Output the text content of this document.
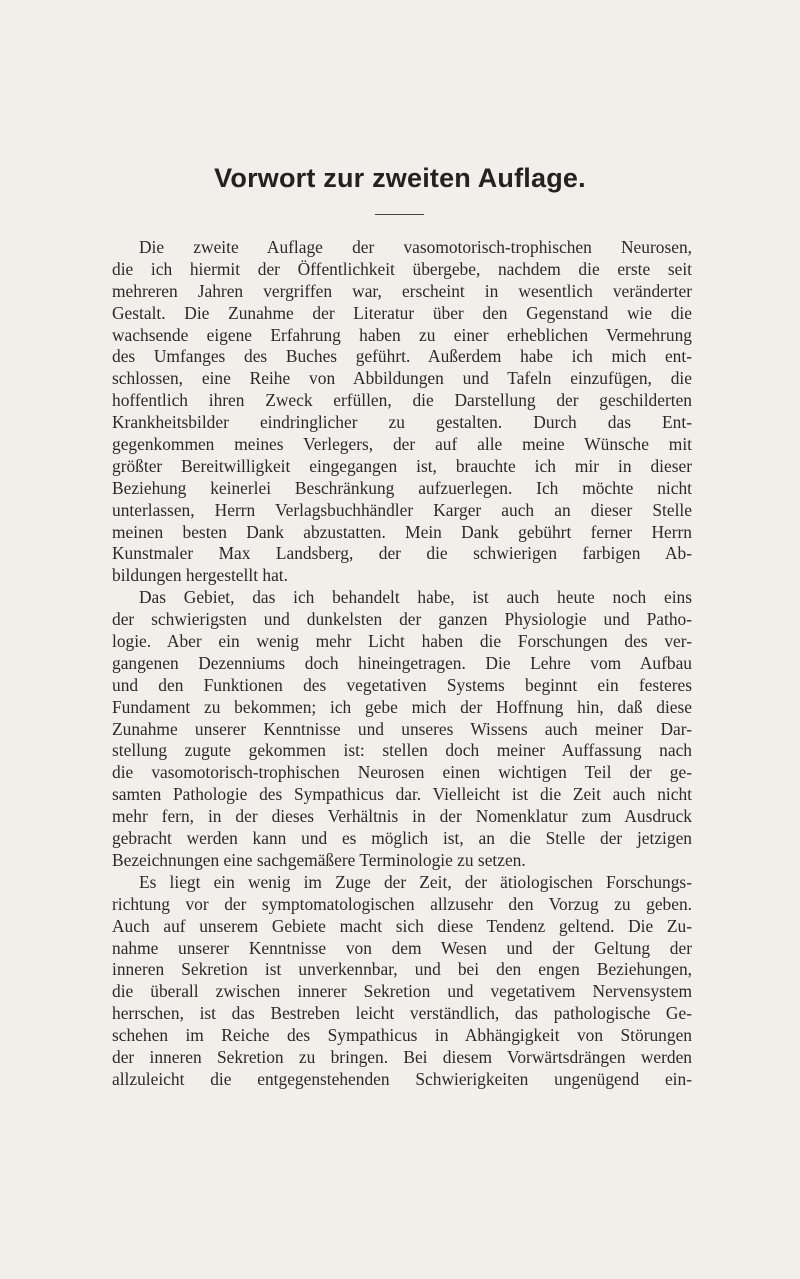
Vorwort zur zweiten Auflage.
Die zweite Auflage der vasomotorisch-trophischen Neurosen,
die ich hiermit der Öffentlichkeit übergebe, nachdem die erste seit
mehreren Jahren vergriffen war, erscheint in wesentlich veränderter
Gestalt. Die Zunahme der Literatur über den Gegenstand wie die
wachsende eigene Erfahrung haben zu einer erheblichen Vermehrung
des Umfanges des Buches geführt. Außerdem habe ich mich ent-
schlossen, eine Reihe von Abbildungen und Tafeln einzufügen, die
hoffentlich ihren Zweck erfüllen, die Darstellung der geschilderten
Krankheitsbilder eindringlicher zu gestalten. Durch das Ent-
gegenkommen meines Verlegers, der auf alle meine Wünsche mit
größter Bereitwilligkeit eingegangen ist, brauchte ich mir in dieser
Beziehung keinerlei Beschränkung aufzuerlegen. Ich möchte nicht
unterlassen, Herrn Verlagsbuchhändler Karger auch an dieser Stelle
meinen besten Dank abzustatten. Mein Dank gebührt ferner Herrn
Kunstmaler Max Landsberg, der die schwierigen farbigen Ab-
bildungen hergestellt hat.
Das Gebiet, das ich behandelt habe, ist auch heute noch eins
der schwierigsten und dunkelsten der ganzen Physiologie und Patho-
logie. Aber ein wenig mehr Licht haben die Forschungen des ver-
gangenen Dezenniums doch hineingetragen. Die Lehre vom Aufbau
und den Funktionen des vegetativen Systems beginnt ein festeres
Fundament zu bekommen; ich gebe mich der Hoffnung hin, daß diese
Zunahme unserer Kenntnisse und unseres Wissens auch meiner Dar-
stellung zugute gekommen ist: stellen doch meiner Auffassung nach
die vasomotorisch-trophischen Neurosen einen wichtigen Teil der ge-
samten Pathologie des Sympathicus dar. Vielleicht ist die Zeit auch nicht
mehr fern, in der dieses Verhältnis in der Nomenklatur zum Ausdruck
gebracht werden kann und es möglich ist, an die Stelle der jetzigen
Bezeichnungen eine sachgemäßere Terminologie zu setzen.
Es liegt ein wenig im Zuge der Zeit, der ätiologischen Forschungs-
richtung vor der symptomatologischen allzusehr den Vorzug zu geben.
Auch auf unserem Gebiete macht sich diese Tendenz geltend. Die Zu-
nahme unserer Kenntnisse von dem Wesen und der Geltung der
inneren Sekretion ist unverkennbar, und bei den engen Beziehungen,
die überall zwischen innerer Sekretion und vegetativem Nervensystem
herrschen, ist das Bestreben leicht verständlich, das pathologische Ge-
schehen im Reiche des Sympathicus in Abhängigkeit von Störungen
der inneren Sekretion zu bringen. Bei diesem Vorwärtsdrängen werden
allzuleicht die entgegenstehenden Schwierigkeiten ungenügend ein-
